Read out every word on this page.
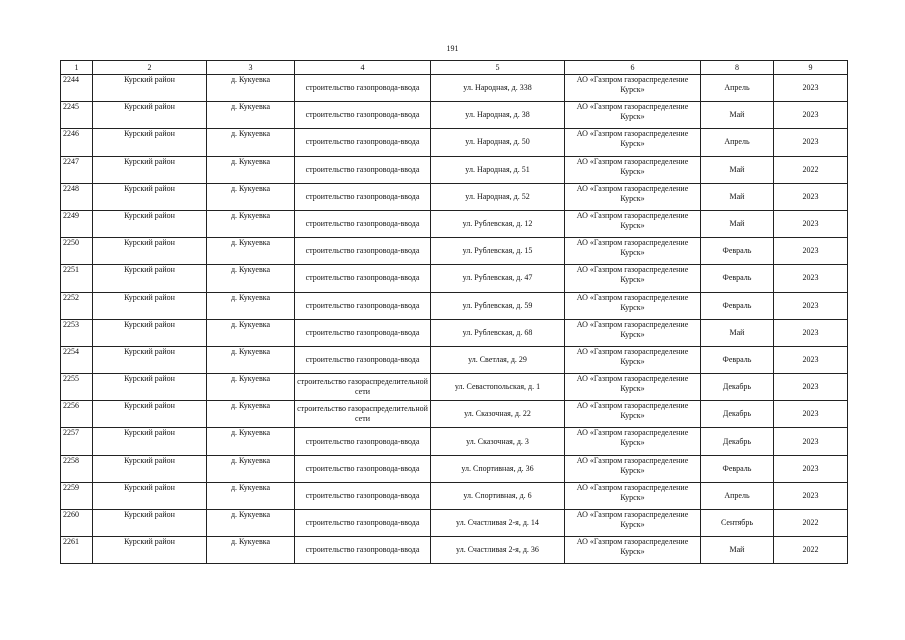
191
1	2	3	4	5	6	8	9
2244	Курский район	д. Кукуевка	строительство газопровода-ввода	ул. Народная, д. 338	АО «Газпром газораспределение Курск»	Апрель	2023
2245	Курский район	д. Кукуевка	строительство газопровода-ввода	ул. Народная, д. 38	АО «Газпром газораспределение Курск»	Май	2023
2246	Курский район	д. Кукуевка	строительство газопровода-ввода	ул. Народная, д. 50	АО «Газпром газораспределение Курск»	Апрель	2023
2247	Курский район	д. Кукуевка	строительство газопровода-ввода	ул. Народная, д. 51	АО «Газпром газораспределение Курск»	Май	2022
2248	Курский район	д. Кукуевка	строительство газопровода-ввода	ул. Народная, д. 52	АО «Газпром газораспределение Курск»	Май	2023
2249	Курский район	д. Кукуевка	строительство газопровода-ввода	ул. Рублевская, д. 12	АО «Газпром газораспределение Курск»	Май	2023
2250	Курский район	д. Кукуевка	строительство газопровода-ввода	ул. Рублевская, д. 15	АО «Газпром газораспределение Курск»	Февраль	2023
2251	Курский район	д. Кукуевка	строительство газопровода-ввода	ул. Рублевская, д. 47	АО «Газпром газораспределение Курск»	Февраль	2023
2252	Курский район	д. Кукуевка	строительство газопровода-ввода	ул. Рублевская, д. 59	АО «Газпром газораспределение Курск»	Февраль	2023
2253	Курский район	д. Кукуевка	строительство газопровода-ввода	ул. Рублевская, д. 68	АО «Газпром газораспределение Курск»	Май	2023
2254	Курский район	д. Кукуевка	строительство газопровода-ввода	ул. Светлая, д. 29	АО «Газпром газораспределение Курск»	Февраль	2023
2255	Курский район	д. Кукуевка	строительство газораспределительной сети	ул. Севастопольская, д. 1	АО «Газпром газораспределение Курск»	Декабрь	2023
2256	Курский район	д. Кукуевка	строительство газораспределительной сети	ул. Сказочная, д. 22	АО «Газпром газораспределение Курск»	Декабрь	2023
2257	Курский район	д. Кукуевка	строительство газопровода-ввода	ул. Сказочная, д. 3	АО «Газпром газораспределение Курск»	Декабрь	2023
2258	Курский район	д. Кукуевка	строительство газопровода-ввода	ул. Спортивная, д. 36	АО «Газпром газораспределение Курск»	Февраль	2023
2259	Курский район	д. Кукуевка	строительство газопровода-ввода	ул. Спортивная, д. 6	АО «Газпром газораспределение Курск»	Апрель	2023
2260	Курский район	д. Кукуевка	строительство газопровода-ввода	ул. Счастливая 2-я, д. 14	АО «Газпром газораспределение Курск»	Сентябрь	2022
2261	Курский район	д. Кукуевка	строительство газопровода-ввода	ул. Счастливая 2-я, д. 36	АО «Газпром газораспределение Курск»	Май	2022
